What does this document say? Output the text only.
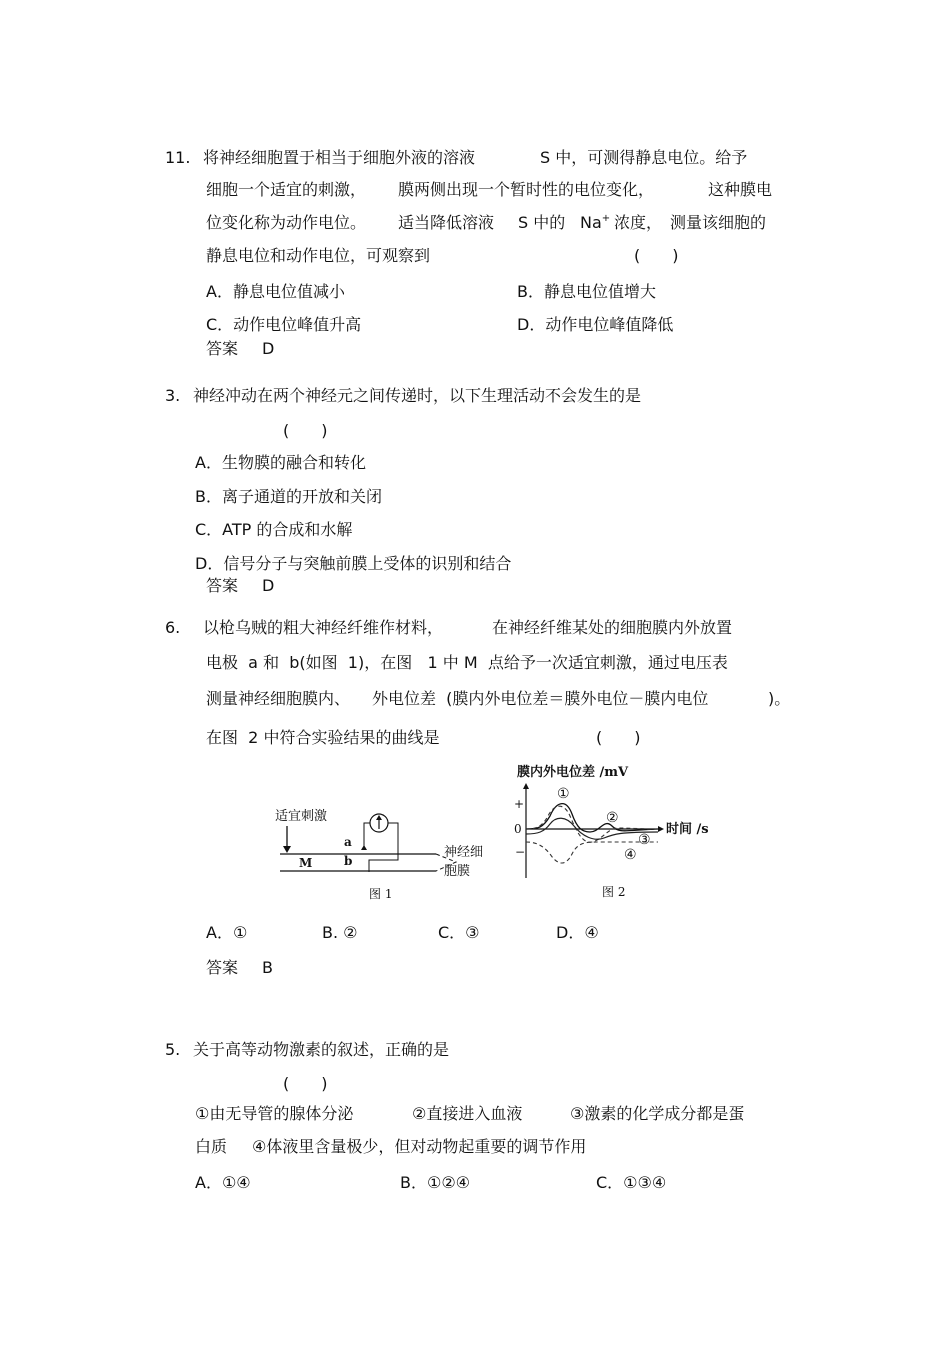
11. 将神经细胞置于相当于细胞外液的溶液	S 中，可测得静息电位。给予
细胞一个适宜的刺激， 膜两侧出现一个暂时性的电位变化，	这种膜电
位变化称为动作电位。 适当降低溶液 S 中的 Na+ 浓度， 测量该细胞的
静息电位和动作电位，可观察到	(　　)
A．静息电位值减小	B．静息电位值增大
C．动作电位峰值升高	D．动作电位峰值降低
答案 D
3. 神经冲动在两个神经元之间传递时，以下生理活动不会发生的是
(　　)
A．生物膜的融合和转化
B．离子通道的开放和关闭
C．ATP 的合成和水解
D．信号分子与突触前膜上受体的识别和结合
答案 D
6. 以枪乌贼的粗大神经纤维作材料，	在神经纤维某处的细胞膜内外放置
电极  a 和  b(如图  1)，在图   1 中 M  点给予一次适宜刺激，通过电压表
测量神经细胞膜内、 外电位差  (膜内外电位差＝膜外电位－膜内电位	)。
在图  2 中符合实验结果的曲线是	(　　)
适宜刺激
M
a
b
神经细
胞膜
图 1
膜内外电位差 /mV
时间 /s
+
0
−
①
②
③
④
图 2
A．①	B. ②	C．③	D．④
答案 B
5. 关于高等动物激素的叙述，正确的是
(　　)
①由无导管的腺体分泌	②直接进入血液	③激素的化学成分都是蛋
白质 ④体液里含量极少，但对动物起重要的调节作用
A．①④	B．①②④	C．①③④
